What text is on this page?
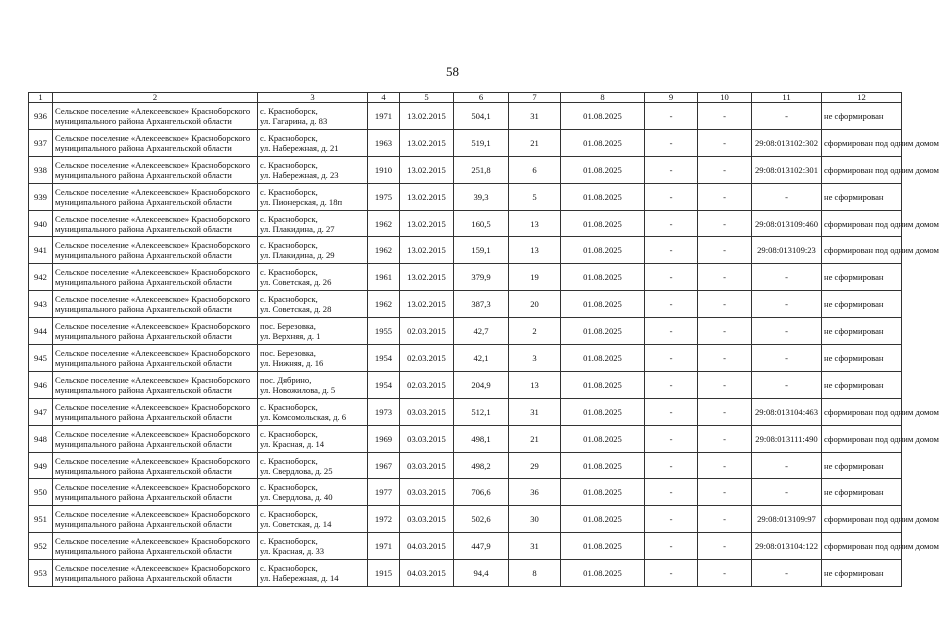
58
1	2	3	4	5	6	7	8	9	10	11	12
936	Сельское поселение «Алексеевское» Красноборского
муниципального района Архангельской области	с. Красноборск,
ул. Гагарина, д. 83	1971	13.02.2015	504,1	31	01.08.2025	-	-	-	не сформирован
937	Сельское поселение «Алексеевское» Красноборского
муниципального района Архангельской области	с. Красноборск,
ул. Набережная, д. 21	1963	13.02.2015	519,1	21	01.08.2025	-	-	29:08:013102:302	сформирован под одним домом
938	Сельское поселение «Алексеевское» Красноборского
муниципального района Архангельской области	с. Красноборск,
ул. Набережная, д. 23	1910	13.02.2015	251,8	6	01.08.2025	-	-	29:08:013102:301	сформирован под одним домом
939	Сельское поселение «Алексеевское» Красноборского
муниципального района Архангельской области	с. Красноборск,
ул. Пионерская, д. 18п	1975	13.02.2015	39,3	5	01.08.2025	-	-	-	не сформирован
940	Сельское поселение «Алексеевское» Красноборского
муниципального района Архангельской области	с. Красноборск,
ул. Плакидина, д. 27	1962	13.02.2015	160,5	13	01.08.2025	-	-	29:08:013109:460	сформирован под одним домом
941	Сельское поселение «Алексеевское» Красноборского
муниципального района Архангельской области	с. Красноборск,
ул. Плакидина, д. 29	1962	13.02.2015	159,1	13	01.08.2025	-	-	29:08:013109:23	сформирован под одним домом
942	Сельское поселение «Алексеевское» Красноборского
муниципального района Архангельской области	с. Красноборск,
ул. Советская, д. 26	1961	13.02.2015	379,9	19	01.08.2025	-	-	-	не сформирован
943	Сельское поселение «Алексеевское» Красноборского
муниципального района Архангельской области	с. Красноборск,
ул. Советская, д. 28	1962	13.02.2015	387,3	20	01.08.2025	-	-	-	не сформирован
944	Сельское поселение «Алексеевское» Красноборского
муниципального района Архангельской области	пос. Березовка,
ул. Верхняя, д. 1	1955	02.03.2015	42,7	2	01.08.2025	-	-	-	не сформирован
945	Сельское поселение «Алексеевское» Красноборского
муниципального района Архангельской области	пос. Березовка,
ул. Нижняя, д. 16	1954	02.03.2015	42,1	3	01.08.2025	-	-	-	не сформирован
946	Сельское поселение «Алексеевское» Красноборского
муниципального района Архангельской области	пос. Дябрино,
ул. Новожилова, д. 5	1954	02.03.2015	204,9	13	01.08.2025	-	-	-	не сформирован
947	Сельское поселение «Алексеевское» Красноборского
муниципального района Архангельской области	с. Красноборск,
ул. Комсомольская, д. 6	1973	03.03.2015	512,1	31	01.08.2025	-	-	29:08:013104:463	сформирован под одним домом
948	Сельское поселение «Алексеевское» Красноборского
муниципального района Архангельской области	с. Красноборск,
ул. Красная, д. 14	1969	03.03.2015	498,1	21	01.08.2025	-	-	29:08:013111:490	сформирован под одним домом
949	Сельское поселение «Алексеевское» Красноборского
муниципального района Архангельской области	с. Красноборск,
ул. Свердлова, д. 25	1967	03.03.2015	498,2	29	01.08.2025	-	-	-	не сформирован
950	Сельское поселение «Алексеевское» Красноборского
муниципального района Архангельской области	с. Красноборск,
ул. Свердлова, д. 40	1977	03.03.2015	706,6	36	01.08.2025	-	-	-	не сформирован
951	Сельское поселение «Алексеевское» Красноборского
муниципального района Архангельской области	с. Красноборск,
ул. Советская, д. 14	1972	03.03.2015	502,6	30	01.08.2025	-	-	29:08:013109:97	сформирован под одним домом
952	Сельское поселение «Алексеевское» Красноборского
муниципального района Архангельской области	с. Красноборск,
ул. Красная, д. 33	1971	04.03.2015	447,9	31	01.08.2025	-	-	29:08:013104:122	сформирован под одним домом
953	Сельское поселение «Алексеевское» Красноборского
муниципального района Архангельской области	с. Красноборск,
ул. Набережная, д. 14	1915	04.03.2015	94,4	8	01.08.2025	-	-	-	не сформирован
